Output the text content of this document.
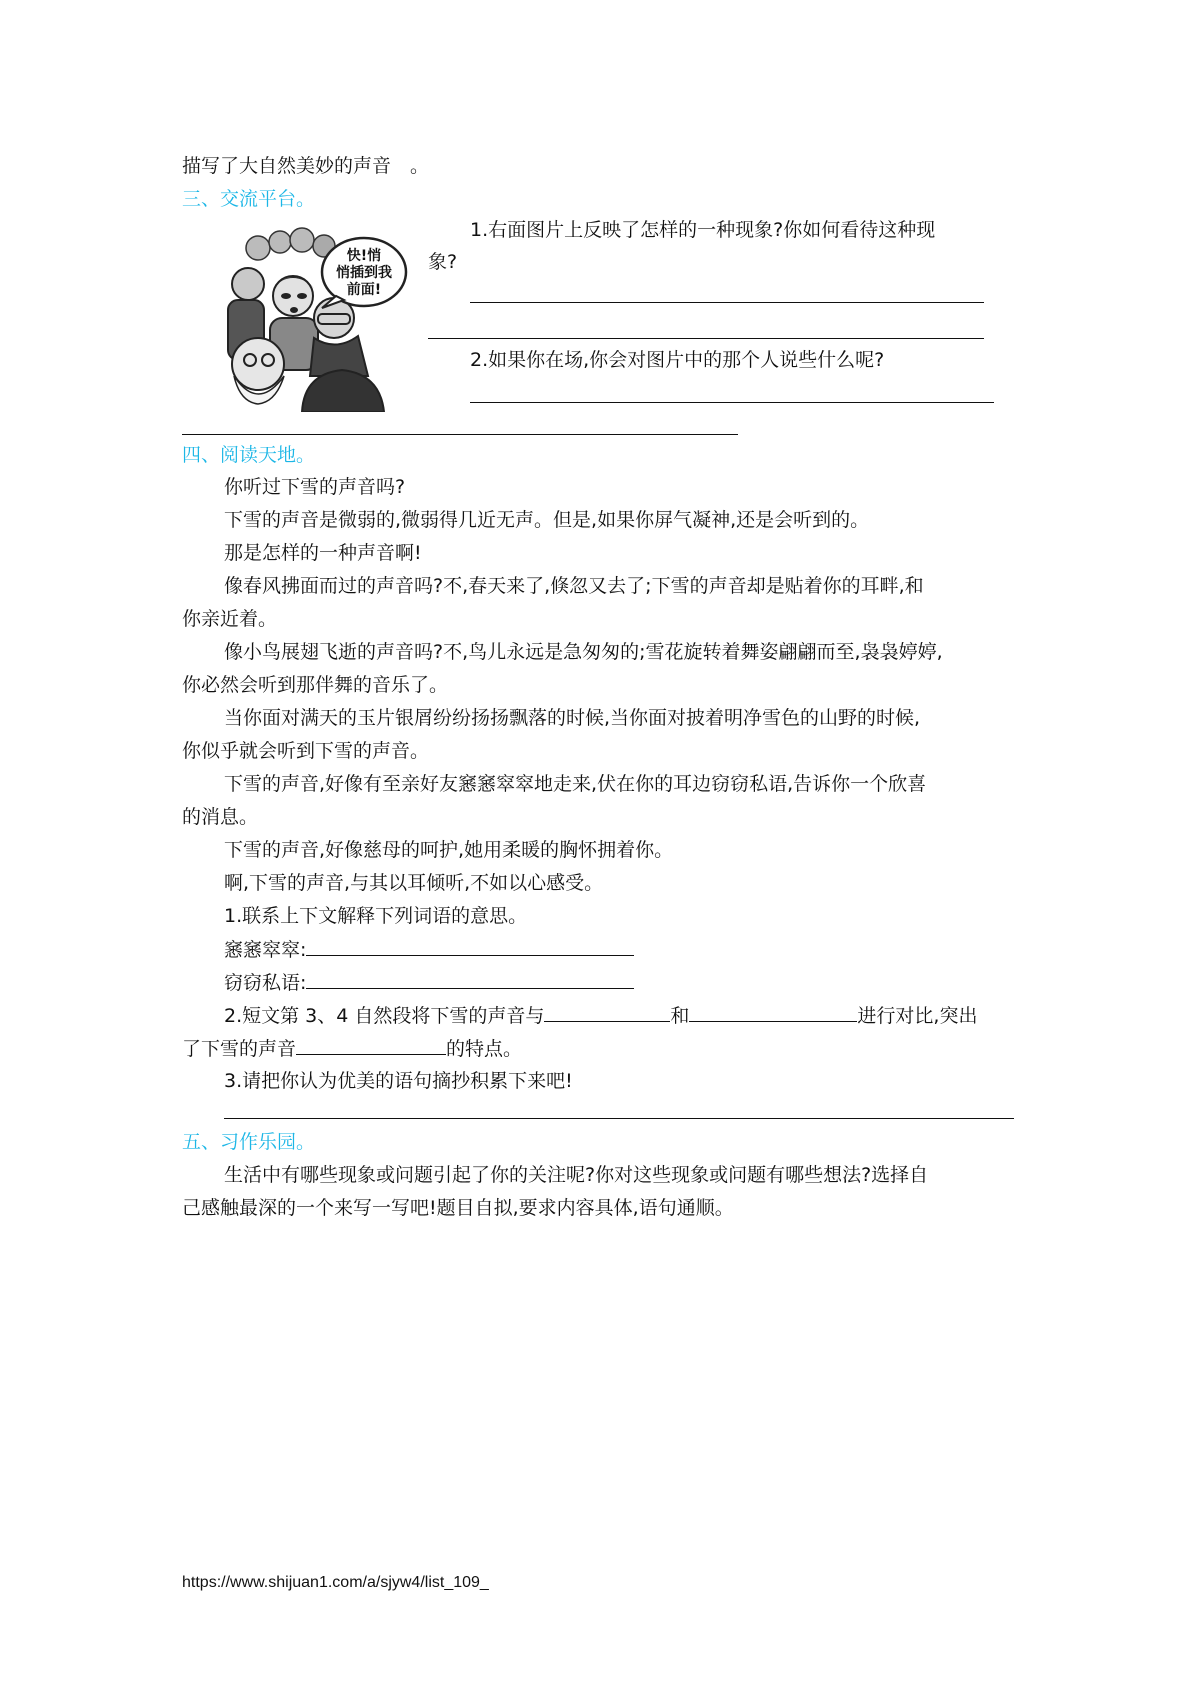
描写了大自然美妙的声音　。
三、交流平台。
快!悄
悄插到我
前面!
1.右面图片上反映了怎样的一种现象?你如何看待这种现
象?
2.如果你在场,你会对图片中的那个人说些什么呢?
四、阅读天地。
你听过下雪的声音吗?
下雪的声音是微弱的,微弱得几近无声。但是,如果你屏气凝神,还是会听到的。
那是怎样的一种声音啊!
像春风拂面而过的声音吗?不,春天来了,倏忽又去了;下雪的声音却是贴着你的耳畔,和
你亲近着。
像小鸟展翅飞逝的声音吗?不,鸟儿永远是急匆匆的;雪花旋转着舞姿翩翩而至,袅袅婷婷,
你必然会听到那伴舞的音乐了。
当你面对满天的玉片银屑纷纷扬扬飘落的时候,当你面对披着明净雪色的山野的时候,
你似乎就会听到下雪的声音。
下雪的声音,好像有至亲好友窸窸窣窣地走来,伏在你的耳边窃窃私语,告诉你一个欣喜
的消息。
下雪的声音,好像慈母的呵护,她用柔暖的胸怀拥着你。
啊,下雪的声音,与其以耳倾听,不如以心感受。
1.联系上下文解释下列词语的意思。
窸窸窣窣:
窃窃私语:
2.短文第 3、4 自然段将下雪的声音与	和	进行对比,突出
了下雪的声音	的特点。
3.请把你认为优美的语句摘抄积累下来吧!
五、习作乐园。
生活中有哪些现象或问题引起了你的关注呢?你对这些现象或问题有哪些想法?选择自
己感触最深的一个来写一写吧!题目自拟,要求内容具体,语句通顺。
https://www.shijuan1.com/a/sjyw4/list_109_
